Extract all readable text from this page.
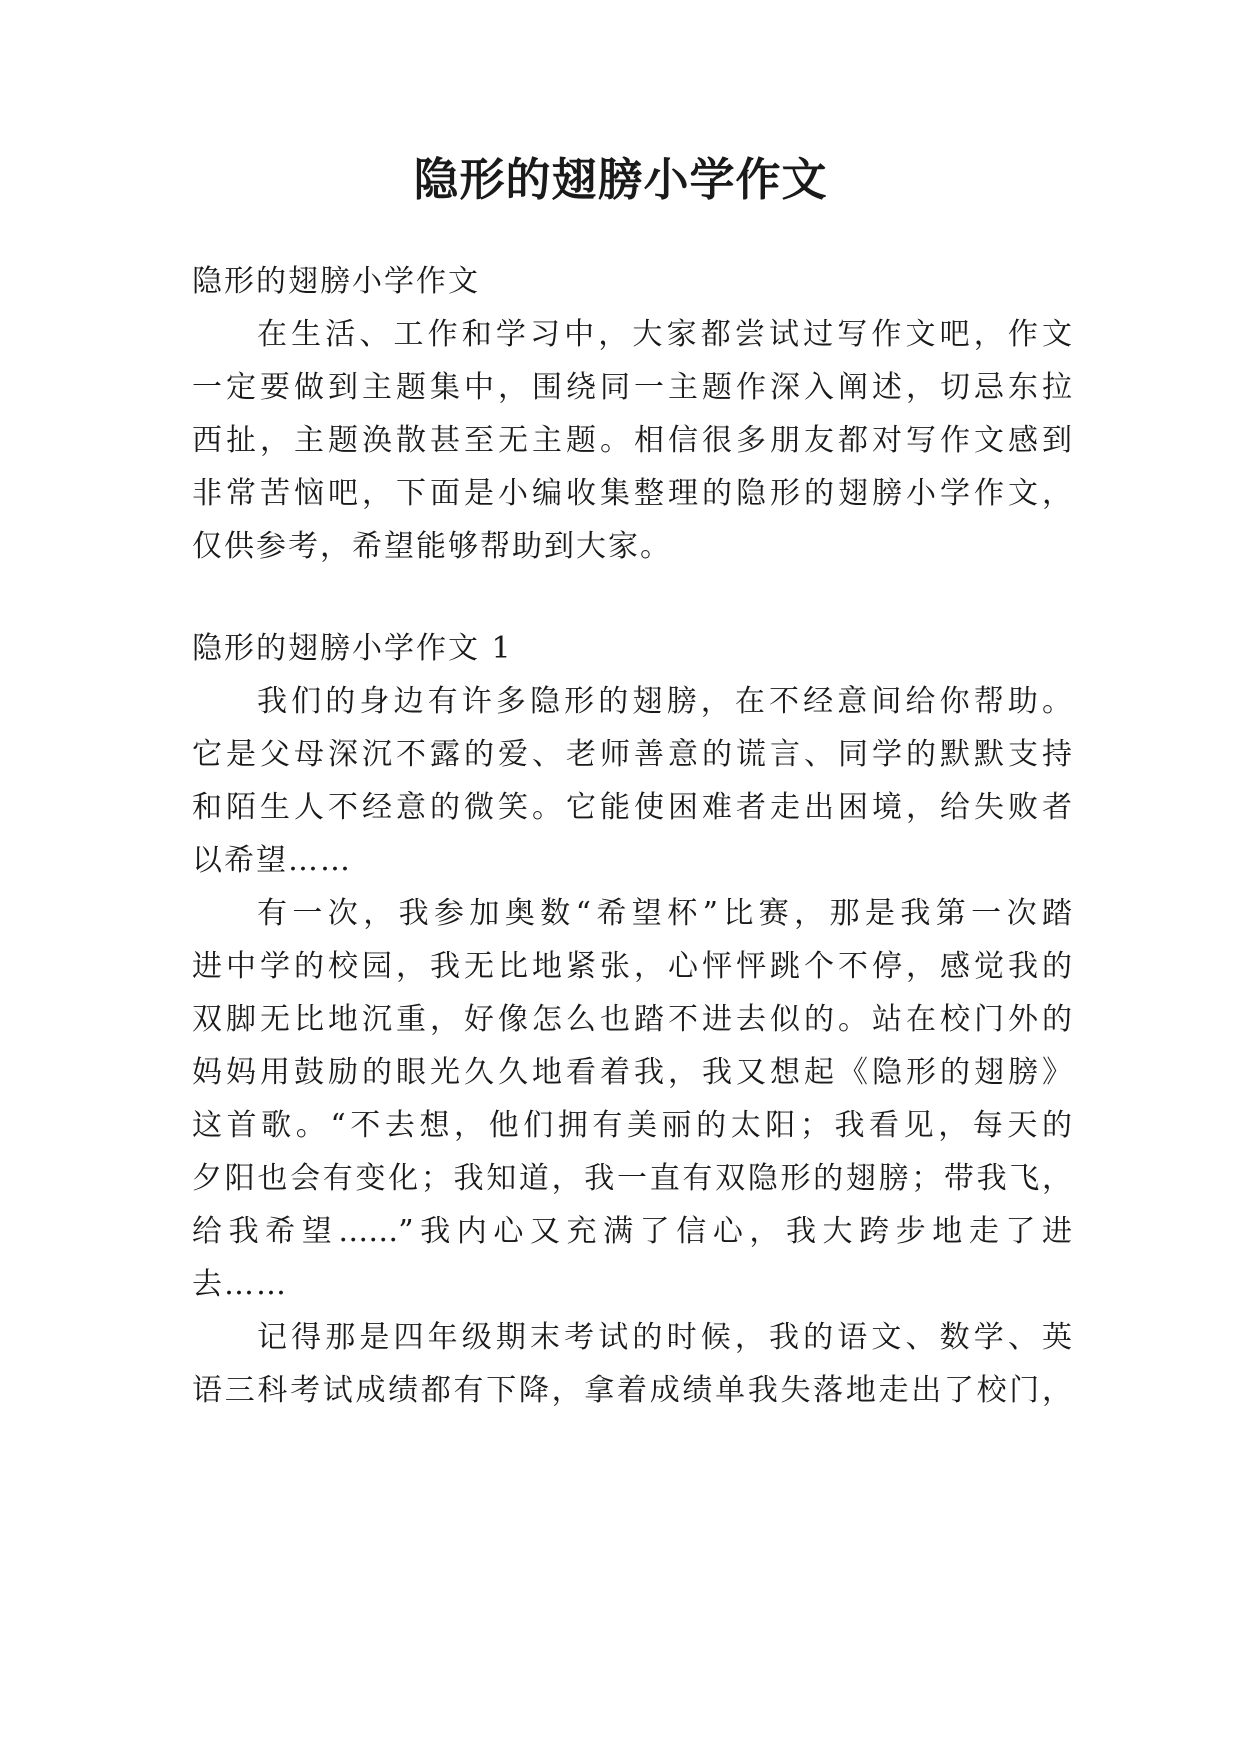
隐形的翅膀小学作文

隐形的翅膀小学作文

在生活、工作和学习中，大家都尝试过写作文吧，作文

一定要做到主题集中，围绕同一主题作深入阐述，切忌东拉

西扯，主题涣散甚至无主题。相信很多朋友都对写作文感到

非常苦恼吧，下面是小编收集整理的隐形的翅膀小学作文，

仅供参考，希望能够帮助到大家。

隐形的翅膀小学作文 1

我们的身边有许多隐形的翅膀，在不经意间给你帮助。

它是父母深沉不露的爱、老师善意的谎言、同学的默默支持

和陌生人不经意的微笑。它能使困难者走出困境，给失败者

以希望……

有一次，我参加奥数“希望杯”比赛，那是我第一次踏

进中学的校园，我无比地紧张，心怦怦跳个不停，感觉我的

双脚无比地沉重，好像怎么也踏不进去似的。站在校门外的

妈妈用鼓励的眼光久久地看着我，我又想起《隐形的翅膀》

这首歌。“不去想，他们拥有美丽的太阳；我看见，每天的

夕阳也会有变化；我知道，我一直有双隐形的翅膀；带我飞，

给我希望……”我内心又充满了信心，我大跨步地走了进

去……

记得那是四年级期末考试的时候，我的语文、数学、英

语三科考试成绩都有下降，拿着成绩单我失落地走出了校门，
